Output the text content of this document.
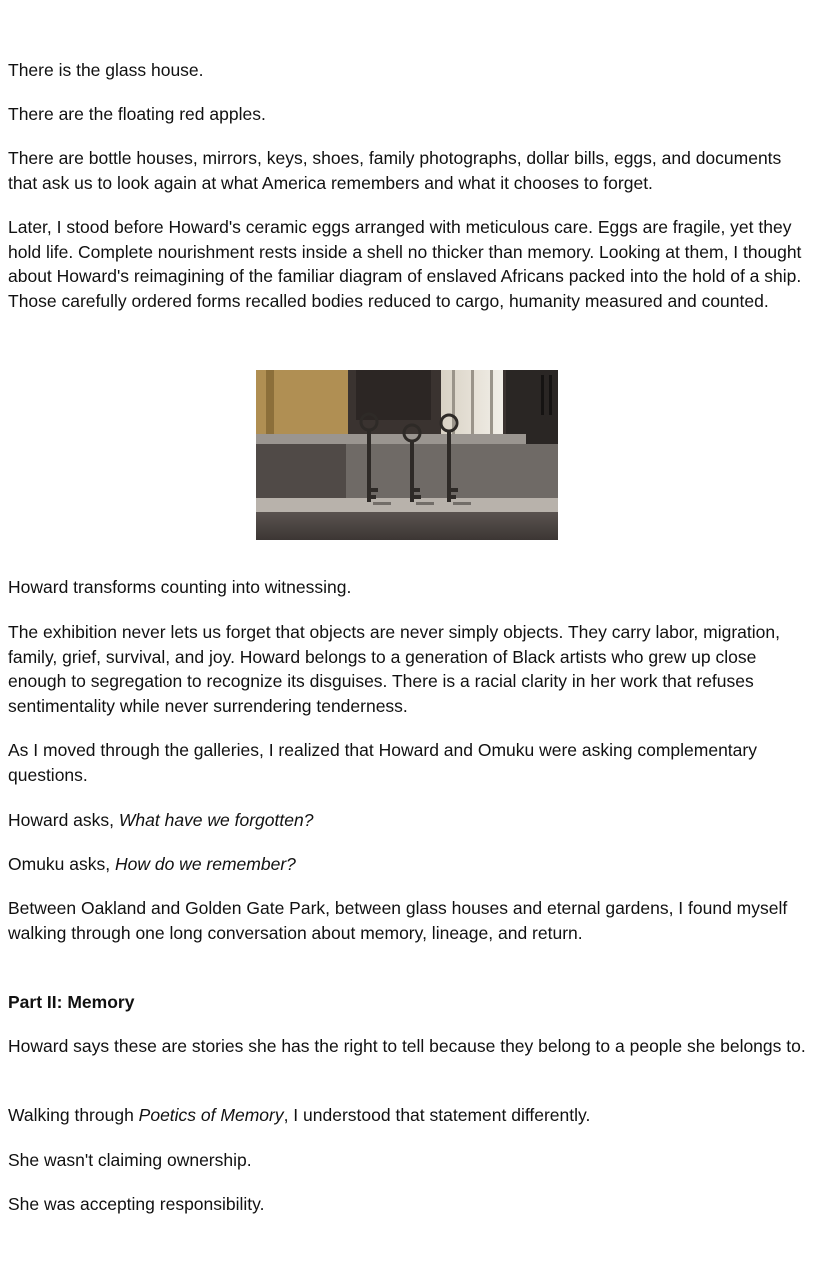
There is the glass house.

There are the floating red apples.

There are bottle houses, mirrors, keys, shoes, family photographs, dollar bills, eggs, and documents that ask us to look again at what America remembers and what it chooses to forget.

Later, I stood before Howard's ceramic eggs arranged with meticulous care. Eggs are fragile, yet they hold life. Complete nourishment rests inside a shell no thicker than memory. Looking at them, I thought about Howard's reimagining of the familiar diagram of enslaved Africans packed into the hold of a ship. Those carefully ordered forms recalled bodies reduced to cargo, humanity measured and counted.

Howard transforms counting into witnessing.

The exhibition never lets us forget that objects are never simply objects. They carry labor, migration, family, grief, survival, and joy. Howard belongs to a generation of Black artists who grew up close enough to segregation to recognize its disguises. There is a racial clarity in her work that refuses sentimentality while never surrendering tenderness.

As I moved through the galleries, I realized that Howard and Omuku were asking complementary questions.

Howard asks, What have we forgotten?

Omuku asks, How do we remember?

Between Oakland and Golden Gate Park, between glass houses and eternal gardens, I found myself walking through one long conversation about memory, lineage, and return.

Part II: Memory

Howard says these are stories she has the right to tell because they belong to a people she belongs to.

Walking through Poetics of Memory, I understood that statement differently.

She wasn't claiming ownership.

She was accepting responsibility.
